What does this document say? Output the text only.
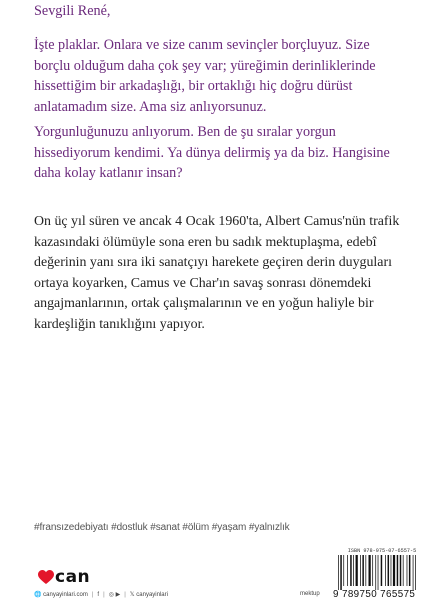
Sevgili René,
İşte plaklar. Onlara ve size canım sevinçler borçluyuz. Size borçlu olduğum daha çok şey var; yüreğimin derinliklerinde hissettiğim bir arkadaşlığı, bir ortaklığı hiç doğru dürüst anlatamadım size. Ama siz anlıyorsunuz.
Yorgunluğunuzu anlıyorum. Ben de şu sıralar yorgun hissediyorum kendimi. Ya dünya delirmiş ya da biz. Hangisine daha kolay katlanır insan?
On üç yıl süren ve ancak 4 Ocak 1960'ta, Albert Camus'nün trafik kazasındaki ölümüyle sona eren bu sadık mektuplaşma, edebî değerinin yanı sıra iki sanatçıyı harekete geçiren derin duyguları ortaya koyarken, Camus ve Char'ın savaş sonrası dönemdeki angajmanlarının, ortak çalışmalarının ve en yoğun haliyle bir kardeşliğin tanıklığını yapıyor.
#fransızedebiyatı #dostluk #sanat #ölüm #yaşam #yalnızlık
can
🌐
canyayinlari.com | f | ◎
▶ | 𝕏
canyayinlari	mektup
ISBN 978-975-07-6557-5
9 789750 765575
